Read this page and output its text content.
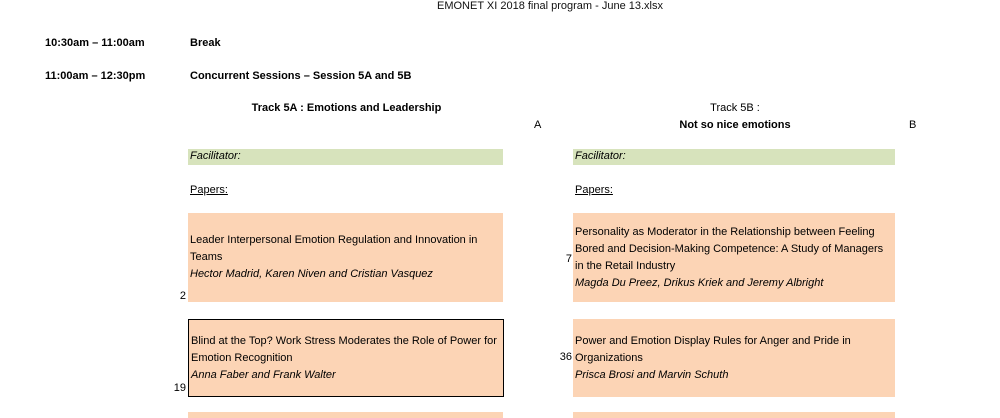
EMONET XI 2018 final program - June 13.xlsx
10:30am – 11:00am	Break
11:00am – 12:30pm	Concurrent Sessions – Session 5A and 5B
Track 5A : Emotions and Leadership
A
Track 5B :
Not so nice emotions	B
Facilitator:	Facilitator:
Papers:	Papers:
Leader Interpersonal Emotion Regulation and Innovation in Teams
Hector Madrid, Karen Niven and Cristian Vasquez
2
Blind at the Top? Work Stress Moderates the Role of Power for Emotion Recognition
Anna Faber and Frank Walter
19
Personality as Moderator in the Relationship between Feeling Bored and Decision-Making Competence: A Study of Managers in the Retail Industry
Magda Du Preez, Drikus Kriek and Jeremy Albright
7
Power and Emotion Display Rules for Anger and Pride in Organizations
Prisca Brosi and Marvin Schuth
36
